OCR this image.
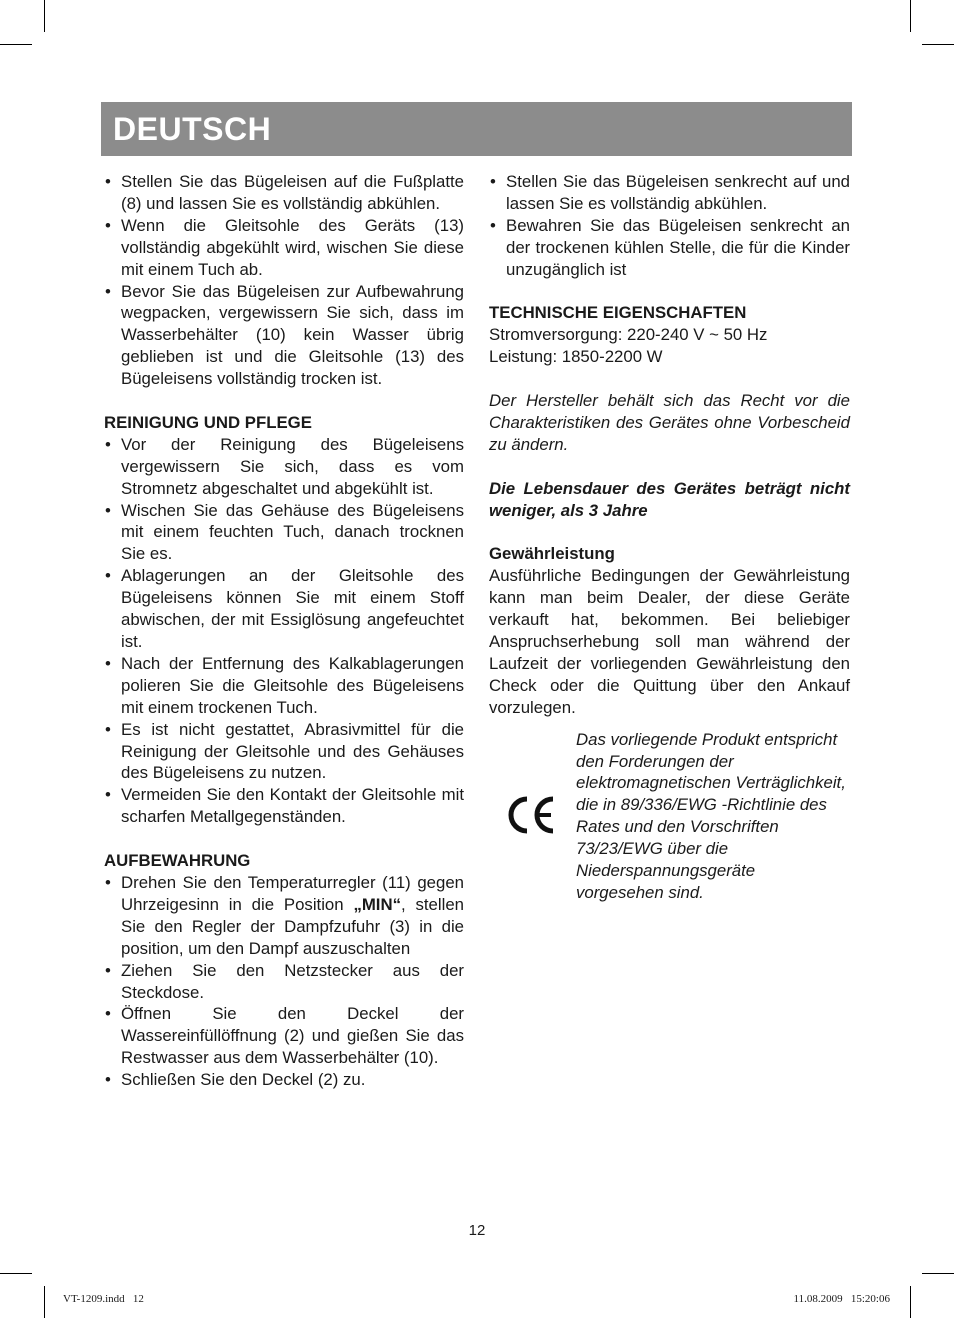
DEUTSCH
• Stellen Sie das Bügeleisen auf die Fußplatte (8) und lassen Sie es vollständig abkühlen.
• Wenn die Gleitsohle des Geräts (13) vollständig abgekühlt wird, wischen Sie diese mit einem Tuch ab.
• Bevor Sie das Bügeleisen zur Aufbewahrung wegpacken, vergewissern Sie sich, dass im Wasserbehälter (10) kein Wasser übrig geblieben ist und die Gleitsohle (13) des Bügeleisens vollständig trocken ist.

REINIGUNG UND PFLEGE

• Vor der Reinigung des Bügeleisens vergewissern Sie sich, dass es vom Stromnetz abgeschaltet und abgekühlt ist.
• Wischen Sie das Gehäuse des Bügeleisens mit einem feuchten Tuch, danach trocknen Sie es.
• Ablagerungen an der Gleitsohle des Bügeleisens können Sie mit einem Stoff abwischen, der mit Essiglösung angefeuchtet ist.
• Nach der Entfernung des Kalkablagerungen polieren Sie die Gleitsohle des Bügeleisens mit einem trockenen Tuch.
• Es ist nicht gestattet, Abrasivmittel für die Reinigung der Gleitsohle und des Gehäuses des Bügeleisens zu nutzen.
• Vermeiden Sie den Kontakt der Gleitsohle mit scharfen Metallgegenständen.

AUFBEWAHRUNG

• Drehen Sie den Temperaturregler (11) gegen Uhrzeigesinn in die Position „MIN“, stellen Sie den Regler der Dampfzufuhr (3) in die position, um den Dampf auszuschalten
• Ziehen Sie den Netzstecker aus der Steckdose.
• Öffnen Sie den Deckel der Wassereinfüllöffnung (2) und gießen Sie das Restwasser aus dem Wasserbehälter (10).
• Schließen Sie den Deckel (2) zu.
• Stellen Sie das Bügeleisen senkrecht auf und lassen Sie es vollständig abkühlen.
• Bewahren Sie das Bügeleisen senkrecht an der trockenen kühlen Stelle, die für die Kinder unzugänglich ist

TECHNISCHE EIGENSCHAFTEN

Stromversorgung: 220-240 V ~ 50 Hz

Leistung: 1850-2200 W

Der Hersteller behält sich das Recht vor die Charakteristiken des Gerätes ohne Vorbescheid zu ändern.

Die Lebensdauer des Gerätes beträgt nicht weniger, als 3 Jahre

Gewährleistung

Ausführliche Bedingungen der Gewährleistung kann man beim Dealer, der diese Geräte verkauft hat, bekommen. Bei beliebiger Anspruchserhebung soll man während der Laufzeit der vorliegenden Gewährleistung den Check oder die Quittung über den Ankauf vorzulegen.

Das vorliegende Produkt entspricht den Forderungen der elektromagnetischen Verträglichkeit, die in 89/336/EWG -Richtlinie des Rates und den Vorschriften 73/23/EWG über die Niederspannungsgeräte vorgesehen sind.

12
VT-1209.indd   12	11.08.2009   15:20:06
